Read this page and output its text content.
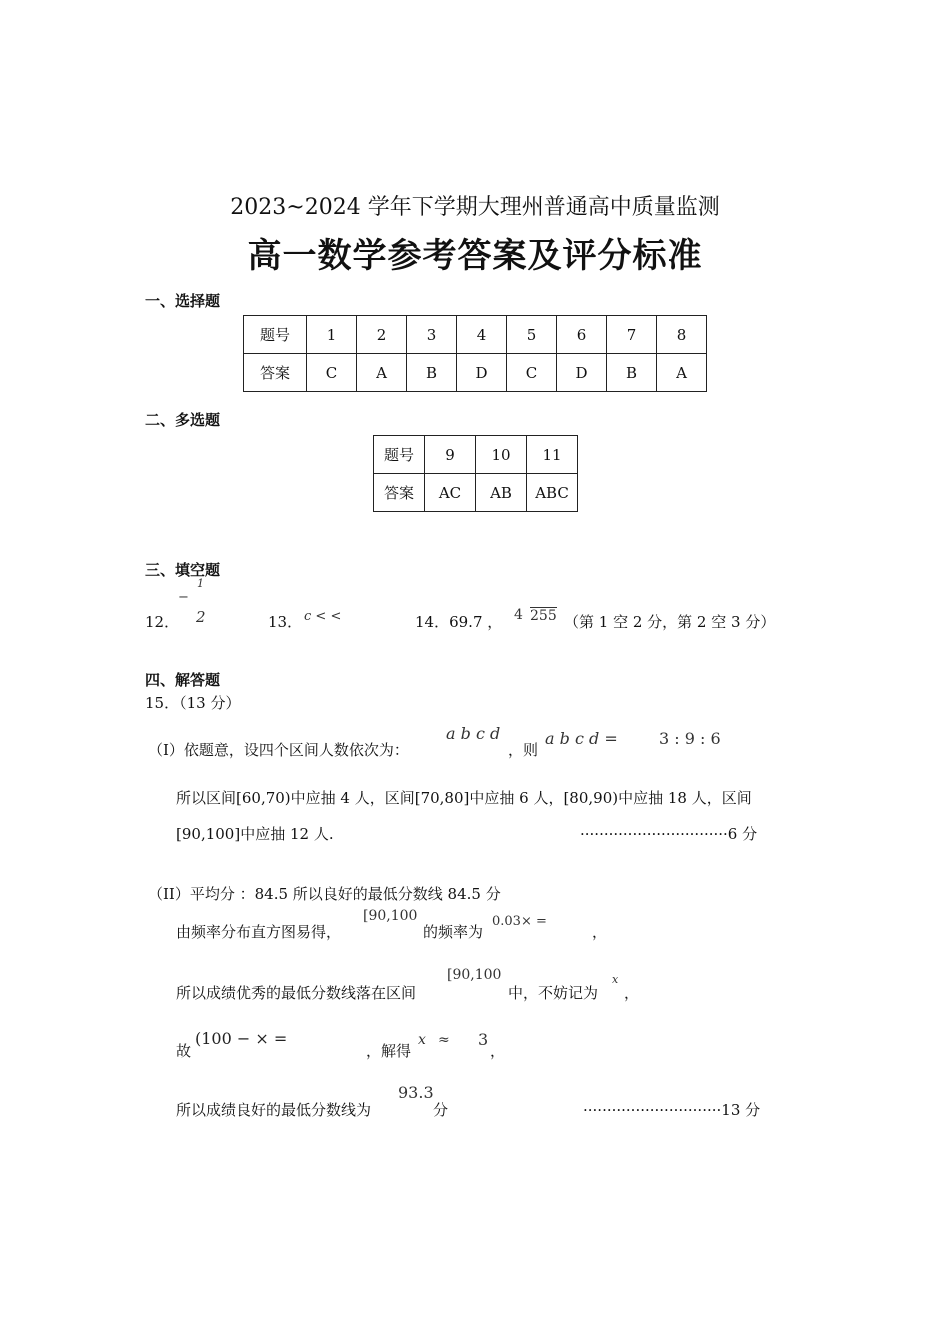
2023~2024 学年下学期大理州普通高中质量监测
高一数学参考答案及评分标准
一、选择题
题号	1	2	3	4	5	6	7	8
答案	C	A	B	D	C	D	B	A
二、多选题
题号	9	10	11
答案	AC	AB	ABC
三、填空题
12．
1
−
2	13． c < <	14．69.7 ， 4 255 （第 1 空 2 分，第 2 空 3 分）
四、解答题
15．（13 分）
（I）依题意，设四个区间人数依次为：
a b c d
，则
a b c d =	3 : 9 : 6
所以区间[60,70)中应抽 4 人，区间[70,80]中应抽 6 人，[80,90)中应抽 18 人，区间
[90,100]中应抽 12 人.	·······························6 分
（II）平均分 ：84.5 所以良好的最低分数线 84.5 分
由频率分布直方图易得，
[90,100
的频率为
0.03× =
，
所以成绩优秀的最低分数线落在区间
[90,100
中，不妨记为
x
，
故
(100 − × =
，解得
x ≈ 3
，
所以成绩良好的最低分数线为
93.3
分	·····························13 分
